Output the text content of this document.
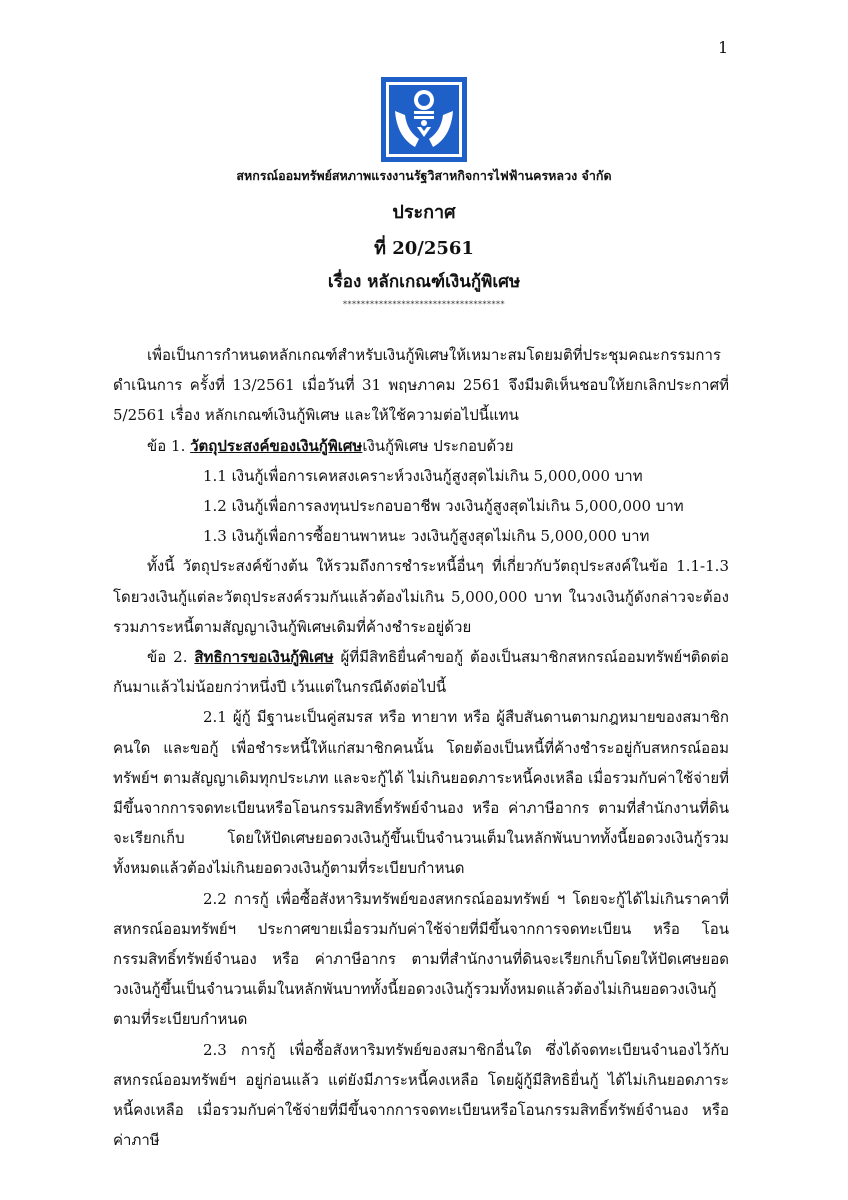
1
สหกรณ์ออมทรัพย์สหภาพแรงงานรัฐวิสาหกิจการไฟฟ้านครหลวง จำกัด
ประกาศ
ที่ 20/2561
เรื่อง หลักเกณฑ์เงินกู้พิเศษ
************************************

เพื่อเป็นการกำหนดหลักเกณฑ์สำหรับเงินกู้พิเศษให้เหมาะสมโดยมติที่ประชุมคณะกรรมการดำเนินการ ครั้งที่ 13/2561 เมื่อวันที่ 31 พฤษภาคม 2561 จึงมีมติเห็นชอบให้ยกเลิกประกาศที่ 5/2561 เรื่อง หลักเกณฑ์เงินกู้พิเศษ และให้ใช้ความต่อไปนี้แทน

ข้อ 1. วัตถุประสงค์ของเงินกู้พิเศษเงินกู้พิเศษ ประกอบด้วย

1.1 เงินกู้เพื่อการเคหสงเคราะห์วงเงินกู้สูงสุดไม่เกิน 5,000,000 บาท

1.2 เงินกู้เพื่อการลงทุนประกอบอาชีพ วงเงินกู้สูงสุดไม่เกิน 5,000,000 บาท

1.3 เงินกู้เพื่อการซื้อยานพาหนะ วงเงินกู้สูงสุดไม่เกิน 5,000,000 บาท

ทั้งนี้ วัตถุประสงค์ข้างต้น ให้รวมถึงการชำระหนี้อื่นๆ ที่เกี่ยวกับวัตถุประสงค์ในข้อ 1.1-1.3 โดยวงเงินกู้แต่ละวัตถุประสงค์รวมกันแล้วต้องไม่เกิน 5,000,000 บาท ในวงเงินกู้ดังกล่าวจะต้องรวมภาระหนี้ตามสัญญาเงินกู้พิเศษเดิมที่ค้างชำระอยู่ด้วย

ข้อ 2. สิทธิการขอเงินกู้พิเศษ ผู้ที่มีสิทธิยื่นคำขอกู้ ต้องเป็นสมาชิกสหกรณ์ออมทรัพย์ฯติดต่อกันมาแล้วไม่น้อยกว่าหนึ่งปี เว้นแต่ในกรณีดังต่อไปนี้

2.1 ผู้กู้ มีฐานะเป็นคู่สมรส หรือ ทายาท หรือ ผู้สืบสันดานตามกฎหมายของสมาชิกคนใด และขอกู้ เพื่อชำระหนี้ให้แก่สมาชิกคนนั้น โดยต้องเป็นหนี้ที่ค้างชำระอยู่กับสหกรณ์ออมทรัพย์ฯ ตามสัญญาเดิมทุกประเภท และจะกู้ได้ ไม่เกินยอดภาระหนี้คงเหลือ เมื่อรวมกับค่าใช้จ่ายที่มีขึ้นจากการจดทะเบียนหรือโอนกรรมสิทธิ์ทรัพย์จำนอง หรือ ค่าภาษีอากร ตามที่สำนักงานที่ดินจะเรียกเก็บ โดยให้ปัดเศษยอดวงเงินกู้ขึ้นเป็นจำนวนเต็มในหลักพันบาททั้งนี้ยอดวงเงินกู้รวมทั้งหมดแล้วต้องไม่เกินยอดวงเงินกู้ตามที่ระเบียบกำหนด

2.2 การกู้ เพื่อซื้อสังหาริมทรัพย์ของสหกรณ์ออมทรัพย์ ฯ โดยจะกู้ได้ไม่เกินราคาที่สหกรณ์ออมทรัพย์ฯ ประกาศขายเมื่อรวมกับค่าใช้จ่ายที่มีขึ้นจากการจดทะเบียน หรือ โอนกรรมสิทธิ์ทรัพย์จำนอง หรือ ค่าภาษีอากร ตามที่สำนักงานที่ดินจะเรียกเก็บโดยให้ปัดเศษยอดวงเงินกู้ขึ้นเป็นจำนวนเต็มในหลักพันบาททั้งนี้ยอดวงเงินกู้รวมทั้งหมดแล้วต้องไม่เกินยอดวงเงินกู้ตามที่ระเบียบกำหนด

2.3 การกู้ เพื่อซื้อสังหาริมทรัพย์ของสมาชิกอื่นใด ซึ่งได้จดทะเบียนจำนองไว้กับสหกรณ์ออมทรัพย์ฯ อยู่ก่อนแล้ว แต่ยังมีภาระหนี้คงเหลือ โดยผู้กู้มีสิทธิยื่นกู้ ได้ไม่เกินยอดภาระหนี้คงเหลือ เมื่อรวมกับค่าใช้จ่ายที่มีขึ้นจากการจดทะเบียนหรือโอนกรรมสิทธิ์ทรัพย์จำนอง หรือ ค่าภาษี
